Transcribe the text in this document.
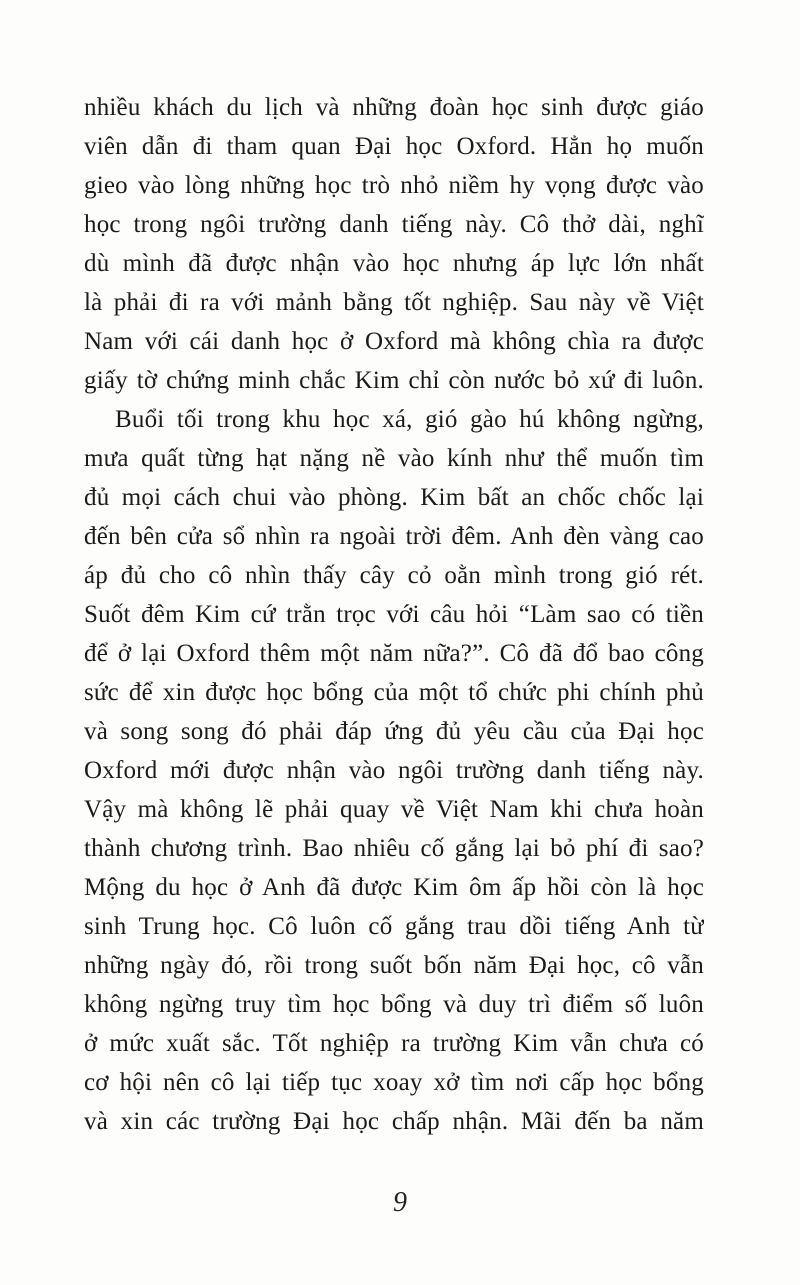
nhiều khách du lịch và những đoàn học sinh được giáo
viên dẫn đi tham quan Đại học Oxford. Hẳn họ muốn
gieo vào lòng những học trò nhỏ niềm hy vọng được vào
học trong ngôi trường danh tiếng này. Cô thở dài, nghĩ
dù mình đã được nhận vào học nhưng áp lực lớn nhất
là phải đi ra với mảnh bằng tốt nghiệp. Sau này về Việt
Nam với cái danh học ở Oxford mà không chìa ra được
giấy tờ chứng minh chắc Kim chỉ còn nước bỏ xứ đi luôn.
Buổi tối trong khu học xá, gió gào hú không ngừng,
mưa quất từng hạt nặng nề vào kính như thể muốn tìm
đủ mọi cách chui vào phòng. Kim bất an chốc chốc lại
đến bên cửa sổ nhìn ra ngoài trời đêm. Anh đèn vàng cao
áp đủ cho cô nhìn thấy cây cỏ oằn mình trong gió rét.
Suốt đêm Kim cứ trằn trọc với câu hỏi “Làm sao có tiền
để ở lại Oxford thêm một năm nữa?”. Cô đã đổ bao công
sức để xin được học bổng của một tổ chức phi chính phủ
và song song đó phải đáp ứng đủ yêu cầu của Đại học
Oxford mới được nhận vào ngôi trường danh tiếng này.
Vậy mà không lẽ phải quay về Việt Nam khi chưa hoàn
thành chương trình. Bao nhiêu cố gắng lại bỏ phí đi sao?
Mộng du học ở Anh đã được Kim ôm ấp hồi còn là học
sinh Trung học. Cô luôn cố gắng trau dồi tiếng Anh từ
những ngày đó, rồi trong suốt bốn năm Đại học, cô vẫn
không ngừng truy tìm học bổng và duy trì điểm số luôn
ở mức xuất sắc. Tốt nghiệp ra trường Kim vẫn chưa có
cơ hội nên cô lại tiếp tục xoay xở tìm nơi cấp học bổng
và xin các trường Đại học chấp nhận. Mãi đến ba năm
9
